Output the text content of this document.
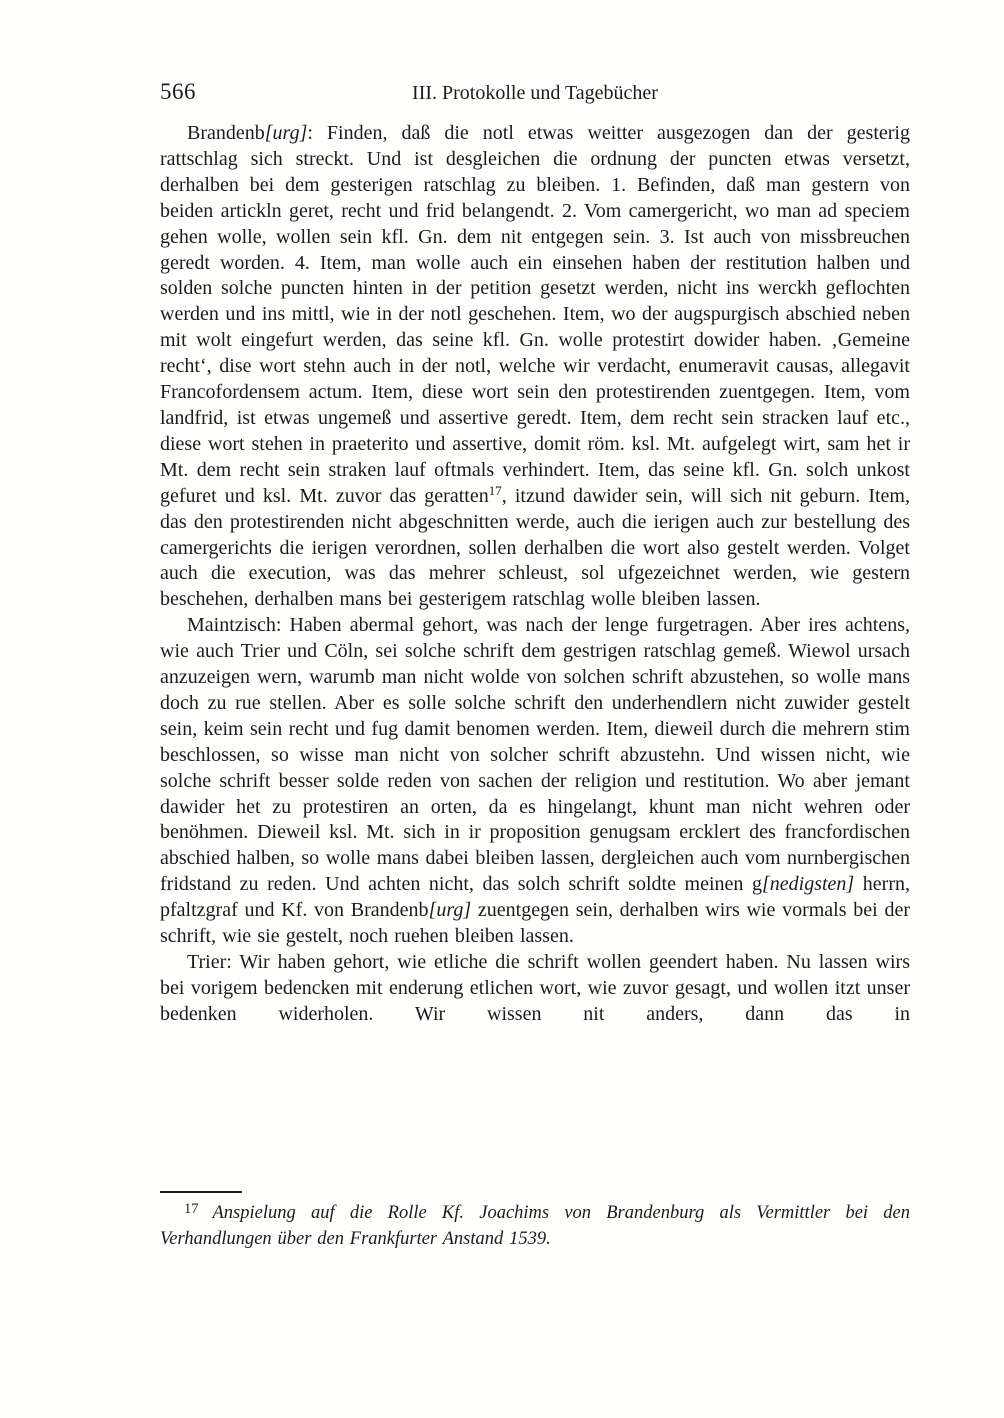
566	III. Protokolle und Tagebücher

Brandenb[urg]: Finden, daß die notl etwas weitter ausgezogen dan der gesterig rattschlag sich streckt. Und ist desgleichen die ordnung der puncten etwas versetzt, derhalben bei dem gesterigen ratschlag zu bleiben. 1. Befinden, daß man gestern von beiden artickln geret, recht und frid belangendt. 2. Vom camergericht, wo man ad speciem gehen wolle, wollen sein kfl. Gn. dem nit entgegen sein. 3. Ist auch von missbreuchen geredt worden. 4. Item, man wolle auch ein einsehen haben der restitution halben und solden solche puncten hinten in der petition gesetzt werden, nicht ins werckh geflochten werden und ins mittl, wie in der notl geschehen. Item, wo der augspurgisch abschied neben mit wolt eingefurt werden, das seine kfl. Gn. wolle protestirt dowider haben. ‚Gemeine recht‘, dise wort stehn auch in der notl, welche wir verdacht, enumeravit causas, allegavit Francofordensem actum. Item, diese wort sein den protestirenden zuentgegen. Item, vom landfrid, ist etwas ungemeß und assertive geredt. Item, dem recht sein stracken lauf etc., diese wort stehen in praeterito und assertive, domit röm. ksl. Mt. aufgelegt wirt, sam het ir Mt. dem recht sein straken lauf oftmals verhindert. Item, das seine kfl. Gn. solch unkost gefuret und ksl. Mt. zuvor das geratten$^{17}$, itzund dawider sein, will sich nit geburn. Item, das den protestirenden nicht abgeschnitten werde, auch die ierigen auch zur bestellung des camergerichts die ierigen verordnen, sollen derhalben die wort also gestelt werden. Volget auch die execution, was das mehrer schleust, sol ufgezeichnet werden, wie gestern beschehen, derhalben mans bei gesterigem ratschlag wolle bleiben lassen.

Maintzisch: Haben abermal gehort, was nach der lenge furgetragen. Aber ires achtens, wie auch Trier und Cöln, sei solche schrift dem gestrigen ratschlag gemeß. Wiewol ursach anzuzeigen wern, warumb man nicht wolde von solchen schrift abzustehen, so wolle mans doch zu rue stellen. Aber es solle solche schrift den underhendlern nicht zuwider gestelt sein, keim sein recht und fug damit benomen werden. Item, dieweil durch die mehrern stim beschlossen, so wisse man nicht von solcher schrift abzustehn. Und wissen nicht, wie solche schrift besser solde reden von sachen der religion und restitution. Wo aber jemant dawider het zu protestiren an orten, da es hingelangt, khunt man nicht wehren oder benöhmen. Dieweil ksl. Mt. sich in ir proposition genugsam ercklert des francfordischen abschied halben, so wolle mans dabei bleiben lassen, dergleichen auch vom nurnbergischen fridstand zu reden. Und achten nicht, das solch schrift soldte meinen g[nedigsten] herrn, pfaltzgraf und Kf. von Brandenb[urg] zuentgegen sein, derhalben wirs wie vormals bei der schrift, wie sie gestelt, noch ruehen bleiben lassen.

Trier: Wir haben gehort, wie etliche die schrift wollen geendert haben. Nu lassen wirs bei vorigem bedencken mit enderung etlichen wort, wie zuvor gesagt, und wollen itzt unser bedenken widerholen. Wir wissen nit anders, dann das in

$^{17}$ Anspielung auf die Rolle Kf. Joachims von Brandenburg als Vermittler bei den Verhandlungen über den Frankfurter Anstand 1539.
